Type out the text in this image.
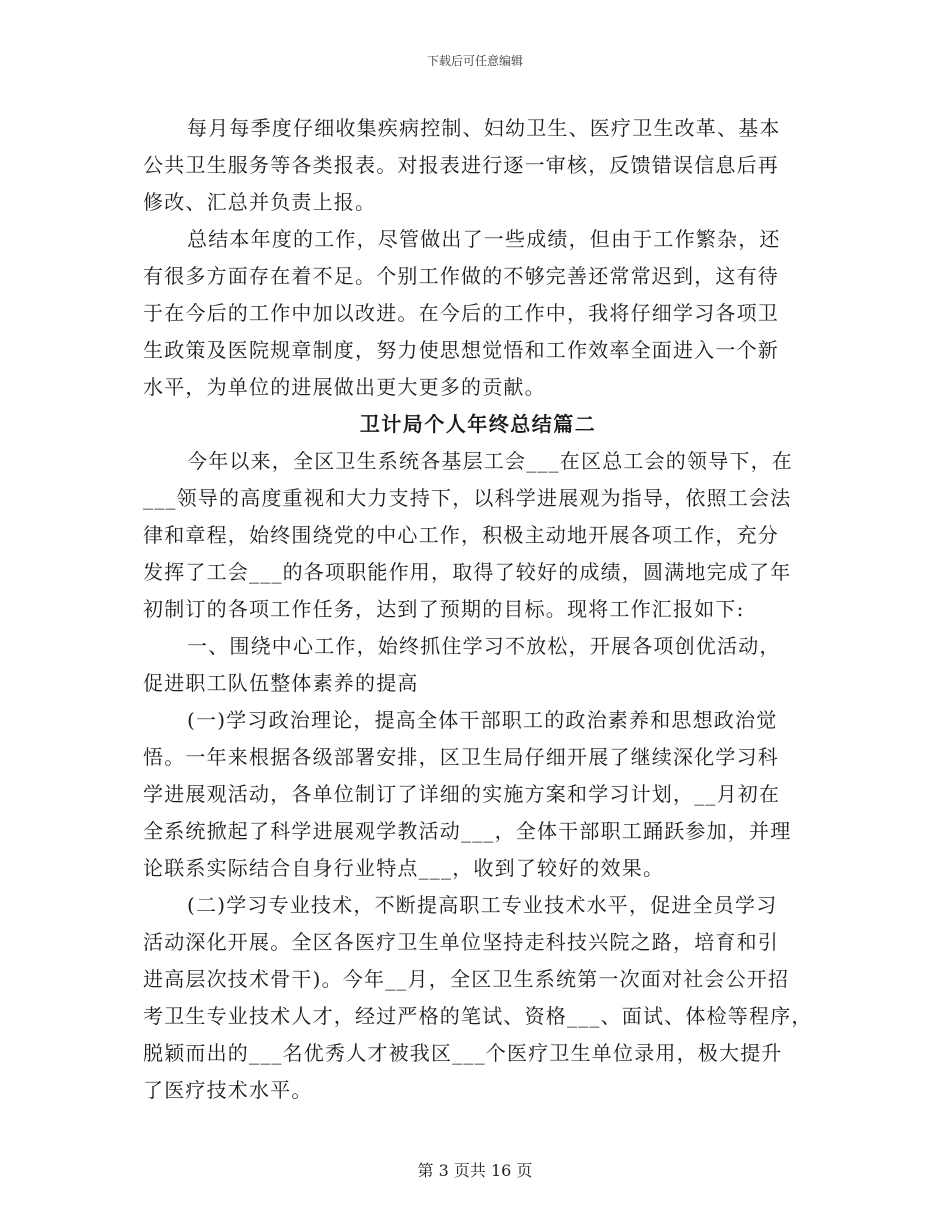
下载后可任意编辑
每月每季度仔细收集疾病控制、妇幼卫生、医疗卫生改革、基本
公共卫生服务等各类报表。对报表进行逐一审核，反馈错误信息后再
修改、汇总并负责上报。
总结本年度的工作，尽管做出了一些成绩，但由于工作繁杂，还
有很多方面存在着不足。个别工作做的不够完善还常常迟到，这有待
于在今后的工作中加以改进。在今后的工作中，我将仔细学习各项卫
生政策及医院规章制度，努力使思想觉悟和工作效率全面进入一个新
水平，为单位的进展做出更大更多的贡献。
卫计局个人年终总结篇二
今年以来，全区卫生系统各基层工会___在区总工会的领导下，在
___领导的高度重视和大力支持下，以科学进展观为指导，依照工会法
律和章程，始终围绕党的中心工作，积极主动地开展各项工作，充分
发挥了工会___的各项职能作用，取得了较好的成绩，圆满地完成了年
初制订的各项工作任务，达到了预期的目标。现将工作汇报如下:
一、围绕中心工作，始终抓住学习不放松，开展各项创优活动，
促进职工队伍整体素养的提高
(一)学习政治理论，提高全体干部职工的政治素养和思想政治觉
悟。一年来根据各级部署安排，区卫生局仔细开展了继续深化学习科
学进展观活动，各单位制订了详细的实施方案和学习计划，__月初在
全系统掀起了科学进展观学教活动___，全体干部职工踊跃参加，并理
论联系实际结合自身行业特点___，收到了较好的效果。
(二)学习专业技术，不断提高职工专业技术水平，促进全员学习
活动深化开展。全区各医疗卫生单位坚持走科技兴院之路，培育和引
进高层次技术骨干)。今年__月，全区卫生系统第一次面对社会公开招
考卫生专业技术人才，经过严格的笔试、资格___、面试、体检等程序，
脱颖而出的___名优秀人才被我区___个医疗卫生单位录用，极大提升
了医疗技术水平。
第 3 页共 16 页
